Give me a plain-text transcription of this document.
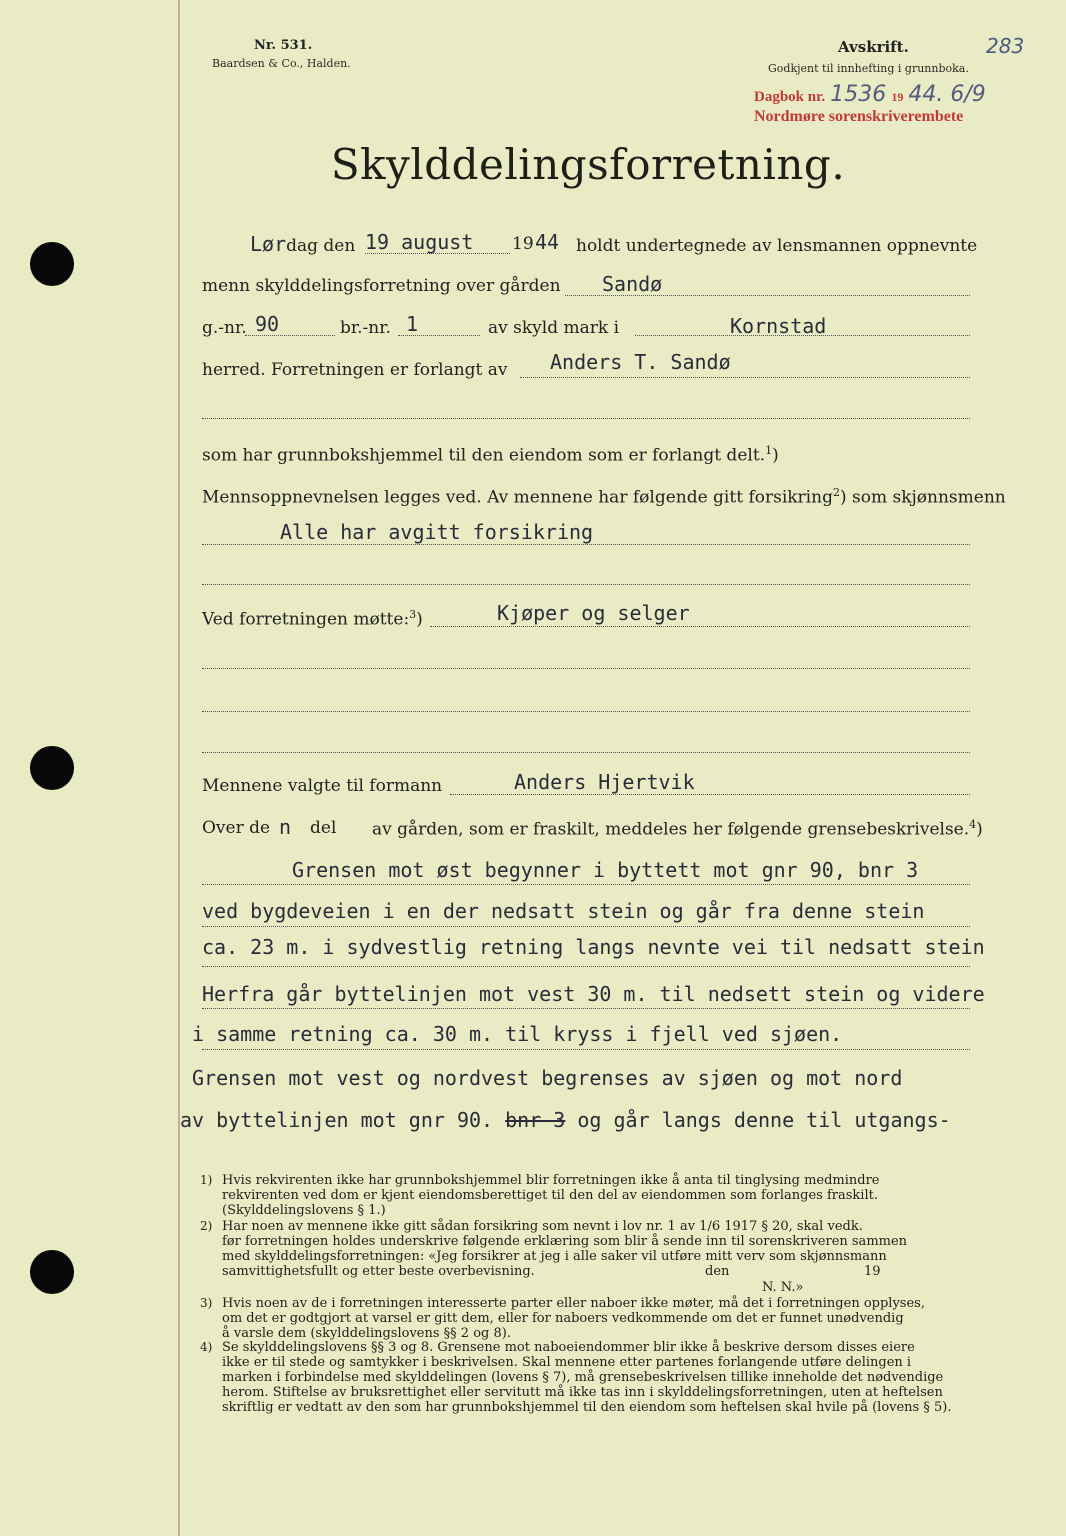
Nr. 531.
Baardsen & Co., Halden.
Avskrift.
Godkjent til innhefting i grunnboka.
283
Dagbok nr. 1536 19 44. 6/9
Nordmøre sorenskriverembete
Skylddelingsforretning.
Lørdag den 19 august 19 44 holdt undertegnede av lensmannen oppnevnte
menn skylddelingsforretning over gården Sandø
g.-nr. 90	br.-nr. 1	av skyld mark i	Kornstad
herred. Forretningen er forlangt av Anders T. Sandø
som har grunnbokshjemmel til den eiendom som er forlangt delt.$^1$)
Mennsoppnevnelsen legges ved. Av mennene har følgende gitt forsikring$^2$) som skjønnsmenn
Alle har avgitt forsikring
Ved forretningen møtte:$^3$)	Kjøper og selger
Mennene valgte til formann	Anders Hjertvik
Over de n del av gården, som er fraskilt, meddeles her følgende grensebeskrivelse.$^4$)
Grensen mot øst begynner i byttett mot gnr 90, bnr 3
ved bygdeveien i en der nedsatt stein og går fra denne stein
ca. 23 m. i sydvestlig retning langs nevnte vei til nedsatt stein
Herfra går byttelinjen mot vest 30 m. til nedsett stein og videre
i samme retning ca. 30 m. til kryss i fjell ved sjøen.
Grensen mot vest og nordvest begrenses av sjøen og mot nord
av byttelinjen mot gnr 90. bnr 3 og går langs denne til utgangs-
1) Hvis rekvirenten ikke har grunnbokshjemmel blir forretningen ikke å anta til tinglysing medmindre
rekvirenten ved dom er kjent eiendomsberettiget til den del av eiendommen som forlanges fraskilt.
(Skylddelingslovens § 1.)
2) Har noen av mennene ikke gitt sådan forsikring som nevnt i lov nr. 1 av 1/6 1917 § 20, skal vedk.
før forretningen holdes underskrive følgende erklæring som blir å sende inn til sorenskriveren sammen
med skylddelingsforretningen: «Jeg forsikrer at jeg i alle saker vil utføre mitt verv som skjønnsmann
samvittighetsfullt og etter beste overbevisning.	den	19
N. N.»
3) Hvis noen av de i forretningen interesserte parter eller naboer ikke møter, må det i forretningen opplyses,
om det er godtgjort at varsel er gitt dem, eller for naboers vedkommende om det er funnet unødvendig
å varsle dem (skylddelingslovens §§ 2 og 8).
4) Se skylddelingslovens §§ 3 og 8. Grensene mot naboeiendommer blir ikke å beskrive dersom disses eiere
ikke er til stede og samtykker i beskrivelsen. Skal mennene etter partenes forlangende utføre delingen i
marken i forbindelse med skylddelingen (lovens § 7), må grensebeskrivelsen tillike inneholde det nødvendige
herom. Stiftelse av bruksrettighet eller servitutt må ikke tas inn i skylddelingsforretningen, uten at heftelsen
skriftlig er vedtatt av den som har grunnbokshjemmel til den eiendom som heftelsen skal hvile på (lovens § 5).
